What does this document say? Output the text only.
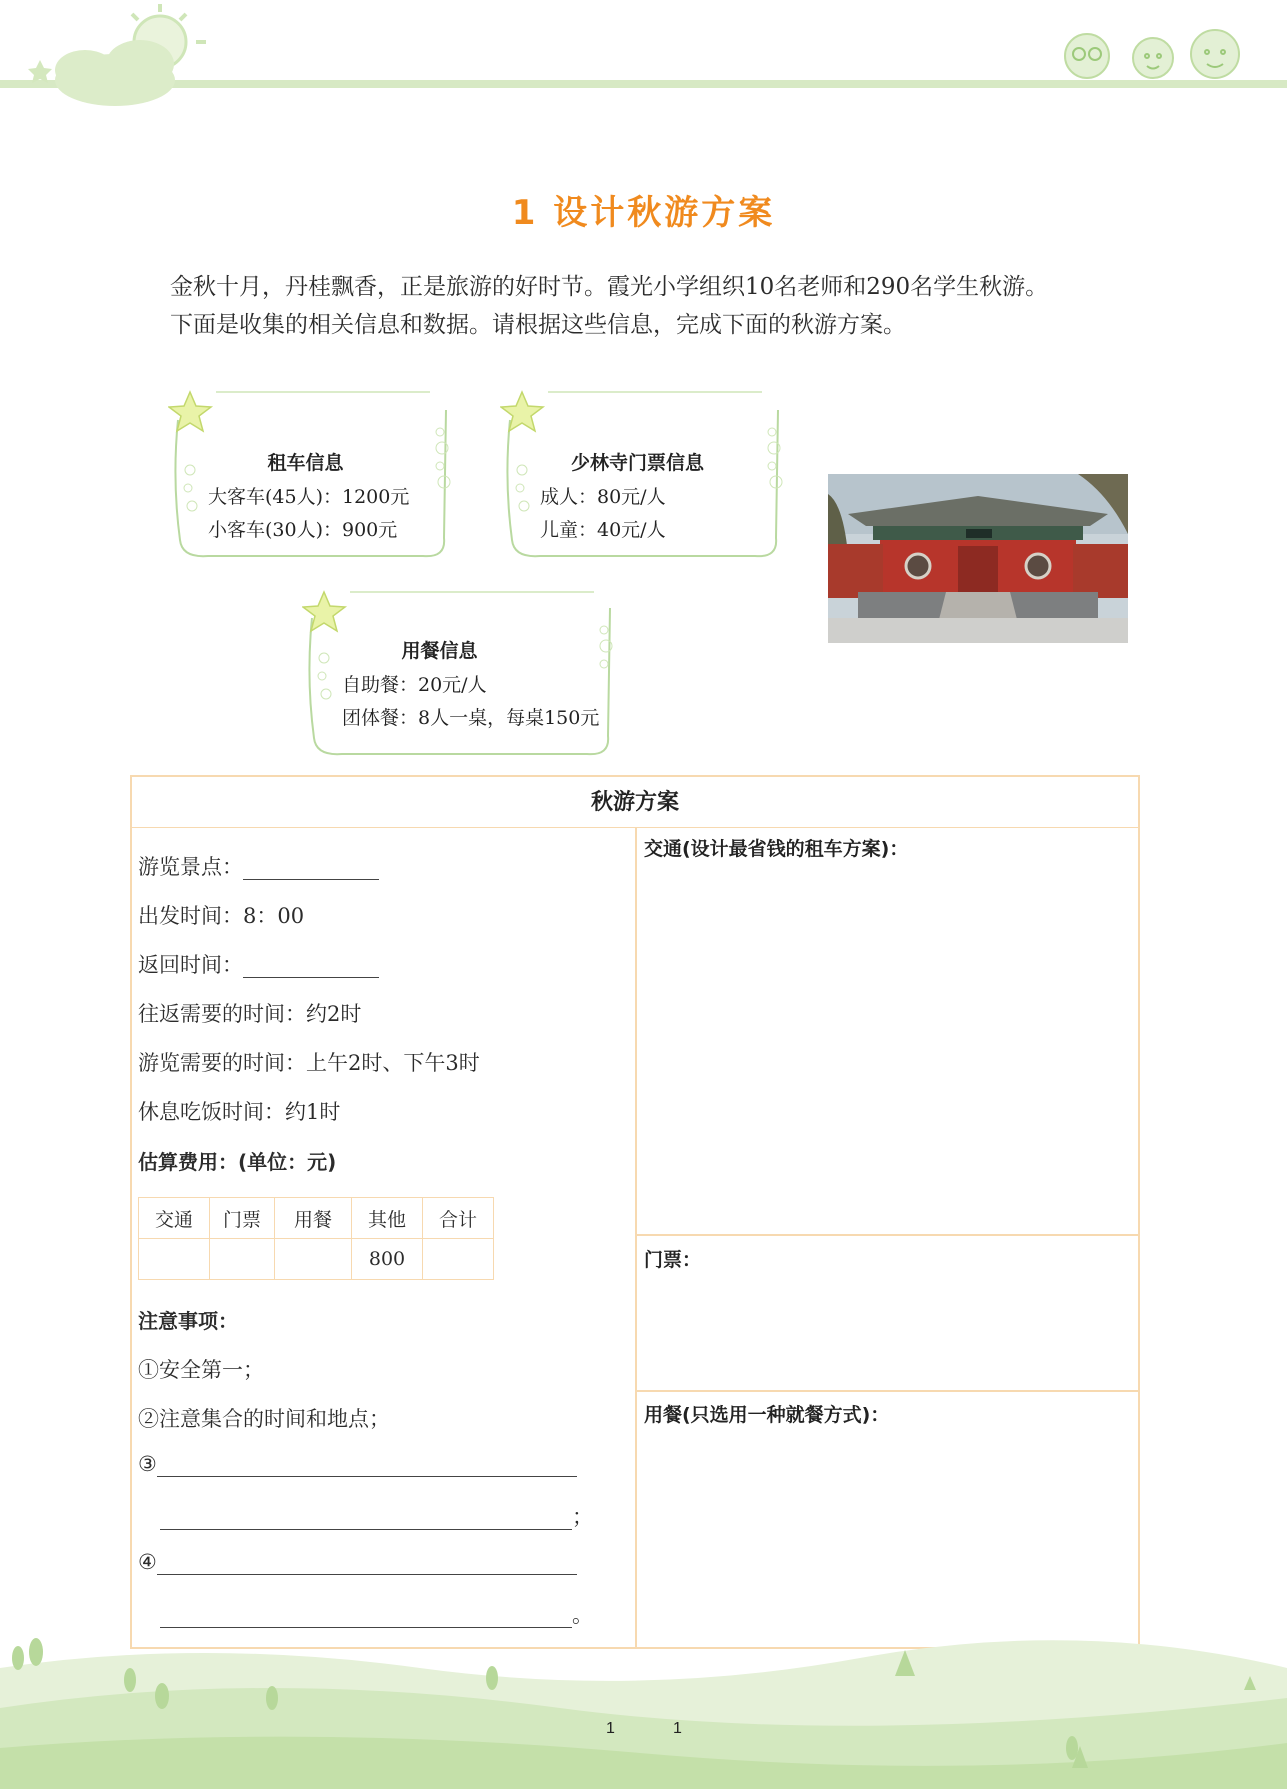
1 设计秋游方案
金秋十月，丹桂飘香，正是旅游的好时节。霞光小学组织10名老师和290名学生秋游。
下面是收集的相关信息和数据。请根据这些信息，完成下面的秋游方案。
租车信息
大客车(45人)：1200元
小客车(30人)：900元
少林寺门票信息
成人：80元/人
儿童：40元/人
用餐信息
自助餐：20元/人
团体餐：8人一桌，每桌150元
秋游方案
游览景点：
出发时间：8：00
返回时间：
往返需要的时间：约2时
游览需要的时间：上午2时、下午3时
休息吃饭时间：约1时
估算费用：(单位：元)
交通	门票	用餐	其他	合计
			800	
注意事项：
①安全第一；
②注意集合的时间和地点；
③
；
④
。
交通(设计最省钱的租车方案)：
门票：
用餐(只选用一种就餐方式)：
1	1
